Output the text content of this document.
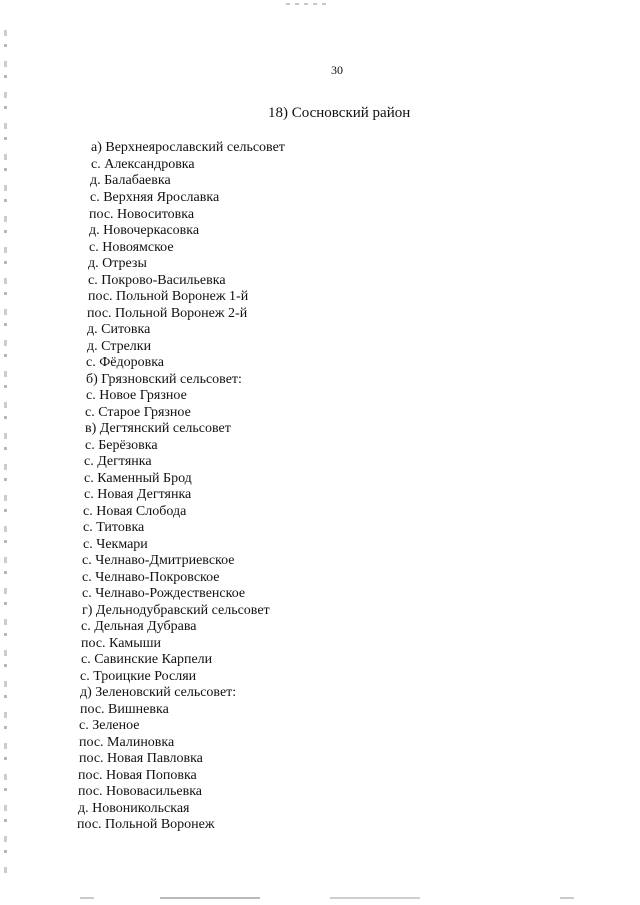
30
18) Сосновский район
а) Верхнеярославский сельсовет
с. Александровка
д. Балабаевка
с. Верхняя Ярославка
пос. Новоситовка
д. Новочеркасовка
с. Новоямское
д. Отрезы
с. Покрово-Васильевка
пос. Польной Воронеж 1-й
пос. Польной Воронеж 2-й
д. Ситовка
д. Стрелки
с. Фёдоровка
б) Грязновский сельсовет:
с. Новое Грязное
с. Старое Грязное
в) Дегтянский сельсовет
с. Берёзовка
с. Дегтянка
с. Каменный Брод
с. Новая Дегтянка
с. Новая Слобода
с. Титовка
с. Чекмари
с. Челнаво-Дмитриевское
с. Челнаво-Покровское
с. Челнаво-Рождественское
г) Дельнодубравский сельсовет
с. Дельная Дубрава
пос. Камыши
с. Савинские Карпели
с. Троицкие Росляи
д) Зеленовский сельсовет:
пос. Вишневка
с. Зеленое
пос. Малиновка
пос. Новая Павловка
пос. Новая Поповка
пос. Нововасильевка
д. Новоникольская
пос. Польной Воронеж
